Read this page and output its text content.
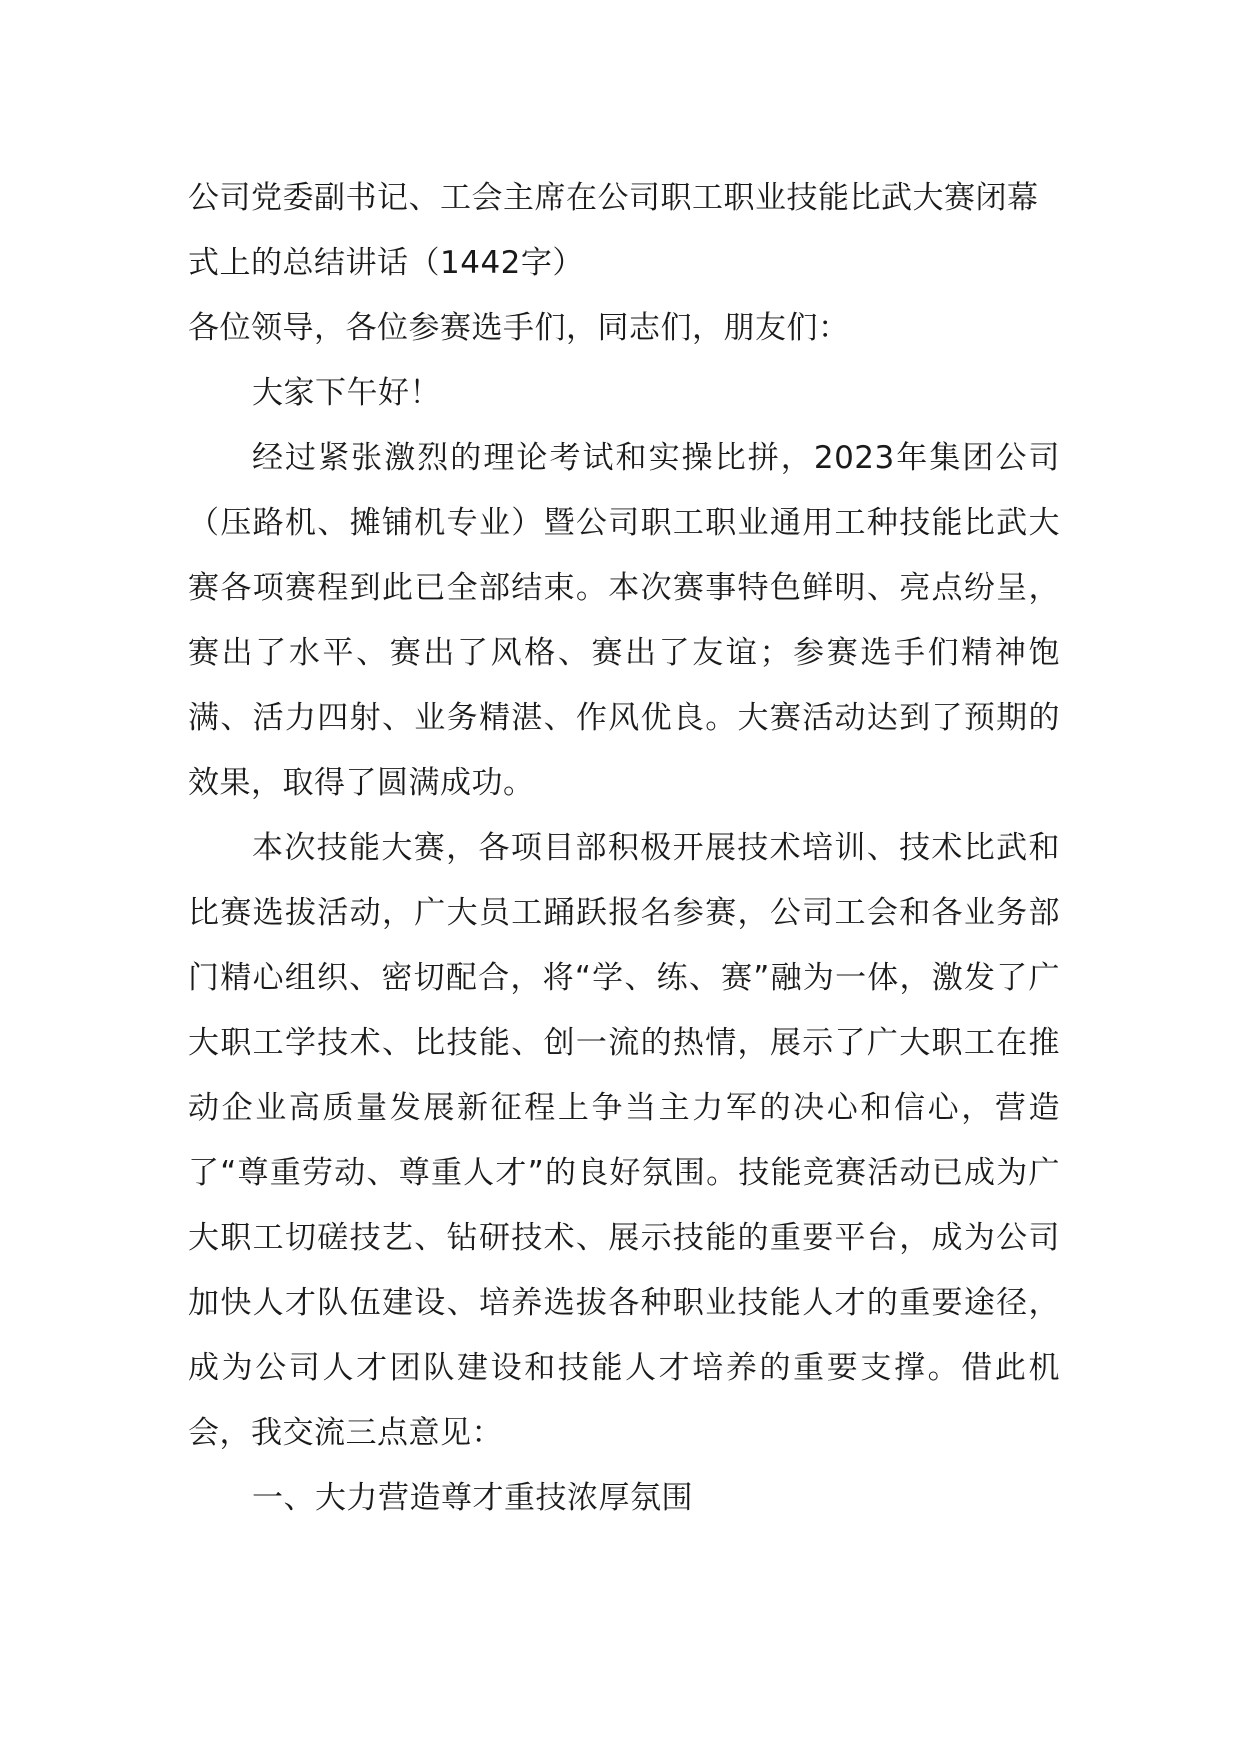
公司党委副书记、工会主席在公司职工职业技能比武大赛闭幕式上的总结讲话（1442字）

各位领导，各位参赛选手们，同志们，朋友们：

大家下午好！

经过紧张激烈的理论考试和实操比拼，2023年集团公司（压路机、摊铺机专业）暨公司职工职业通用工种技能比武大赛各项赛程到此已全部结束。本次赛事特色鲜明、亮点纷呈，赛出了水平、赛出了风格、赛出了友谊；参赛选手们精神饱满、活力四射、业务精湛、作风优良。大赛活动达到了预期的效果，取得了圆满成功。

本次技能大赛，各项目部积极开展技术培训、技术比武和比赛选拔活动，广大员工踊跃报名参赛，公司工会和各业务部门精心组织、密切配合，将“学、练、赛”融为一体，激发了广大职工学技术、比技能、创一流的热情，展示了广大职工在推动企业高质量发展新征程上争当主力军的决心和信心，营造了“尊重劳动、尊重人才”的良好氛围。技能竞赛活动已成为广大职工切磋技艺、钻研技术、展示技能的重要平台，成为公司加快人才队伍建设、培养选拔各种职业技能人才的重要途径，成为公司人才团队建设和技能人才培养的重要支撑。借此机会，我交流三点意见：

一、大力营造尊才重技浓厚氛围
